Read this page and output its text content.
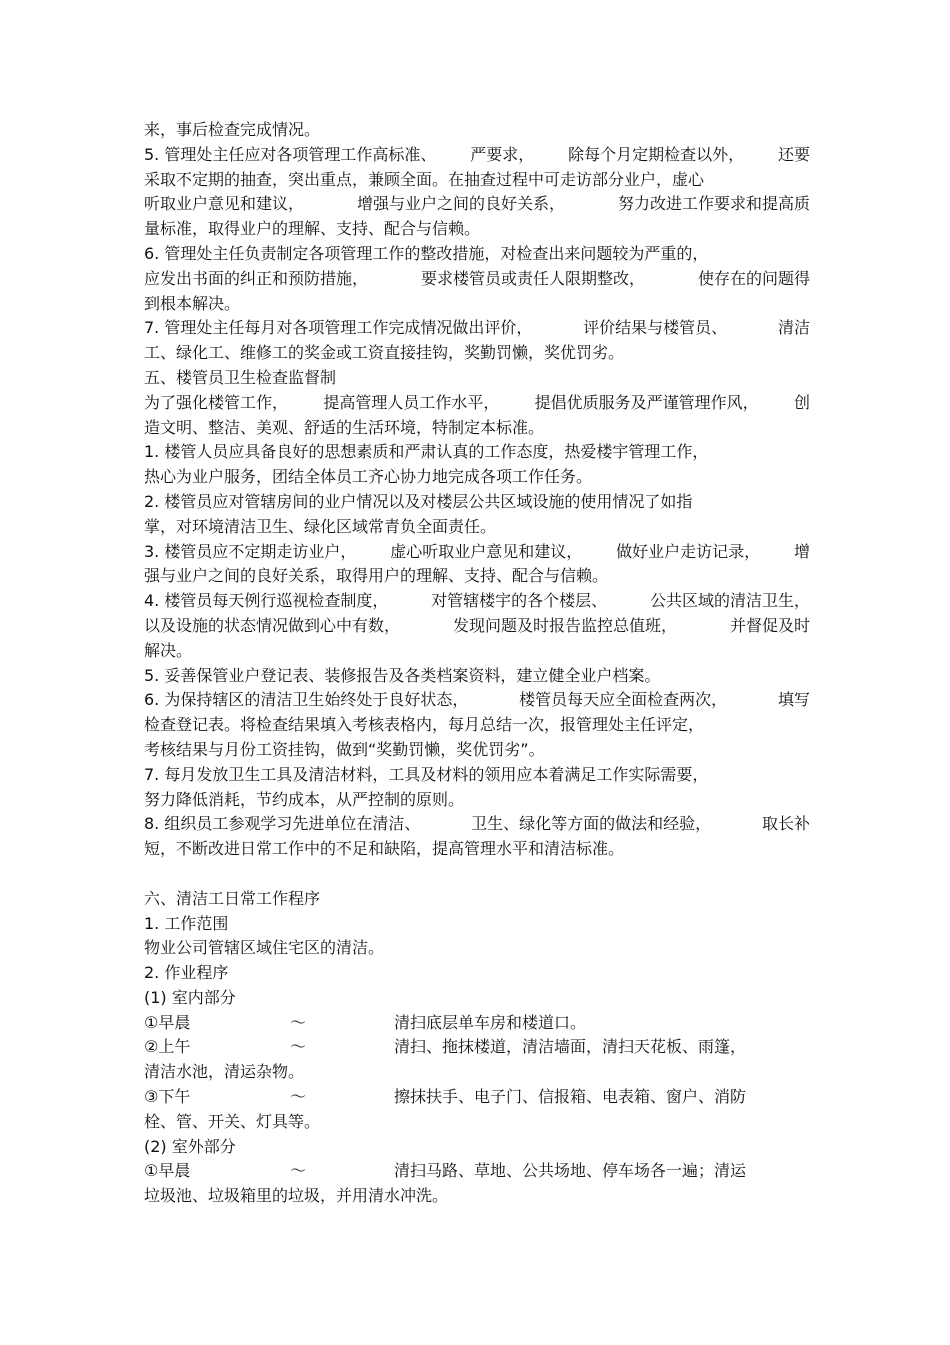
来，事后检查完成情况。
5. 管理处主任应对各项管理工作高标准、 严要求， 除每个月定期检查以外， 还要
采取不定期的抽查，突出重点，兼顾全面。在抽查过程中可走访部分业户，虚心
听取业户意见和建议，	增强与业户之间的良好关系，	努力改进工作要求和提高质
量标准，取得业户的理解、支持、配合与信赖。
6. 管理处主任负责制定各项管理工作的整改措施，对检查出来问题较为严重的，
应发出书面的纠正和预防措施，	要求楼管员或责任人限期整改，	使存在的问题得
到根本解决。
7. 管理处主任每月对各项管理工作完成情况做出评价，	评价结果与楼管员、	清洁
工、绿化工、维修工的奖金或工资直接挂钩，奖勤罚懒，奖优罚劣。
五、楼管员卫生检查监督制
为了强化楼管工作， 提高管理人员工作水平， 提倡优质服务及严谨管理作风， 创
造文明、整洁、美观、舒适的生活环境，特制定本标准。
1. 楼管人员应具备良好的思想素质和严肃认真的工作态度，热爱楼宇管理工作，
热心为业户服务，团结全体员工齐心协力地完成各项工作任务。
2. 楼管员应对管辖房间的业户情况以及对楼层公共区域设施的使用情况了如指
掌，对环境清洁卫生、绿化区域常青负全面责任。
3. 楼管员应不定期走访业户， 虚心听取业户意见和建议， 做好业户走访记录， 增
强与业户之间的良好关系，取得用户的理解、支持、配合与信赖。
4. 楼管员每天例行巡视检查制度，	对管辖楼宇的各个楼层、	公共区域的清洁卫生，
以及设施的状态情况做到心中有数，	发现问题及时报告监控总值班，	并督促及时
解决。
5. 妥善保管业户登记表、装修报告及各类档案资料，建立健全业户档案。
6. 为保持辖区的清洁卫生始终处于良好状态，	楼管员每天应全面检查两次，	填写
检查登记表。将检查结果填入考核表格内，每月总结一次，报管理处主任评定，
考核结果与月份工资挂钩，做到“奖勤罚懒，奖优罚劣”。
7. 每月发放卫生工具及清洁材料，工具及材料的领用应本着满足工作实际需要，
努力降低消耗，节约成本，从严控制的原则。
8. 组织员工参观学习先进单位在清洁、	卫生、绿化等方面的做法和经验，	取长补
短，不断改进日常工作中的不足和缺陷，提高管理水平和清洁标准。
六、清洁工日常工作程序
1. 工作范围
物业公司管辖区域住宅区的清洁。
2. 作业程序
(1) 室内部分
①早晨	～	清扫底层单车房和楼道口。
②上午	～	清扫、拖抹楼道，清洁墙面，清扫天花板、雨篷，
清洁水池，清运杂物。
③下午	～	擦抹扶手、电子门、信报箱、电表箱、窗户、消防
栓、管、开关、灯具等。
(2) 室外部分
①早晨	～	清扫马路、草地、公共场地、停车场各一遍；清运
垃圾池、垃圾箱里的垃圾，并用清水冲洗。
